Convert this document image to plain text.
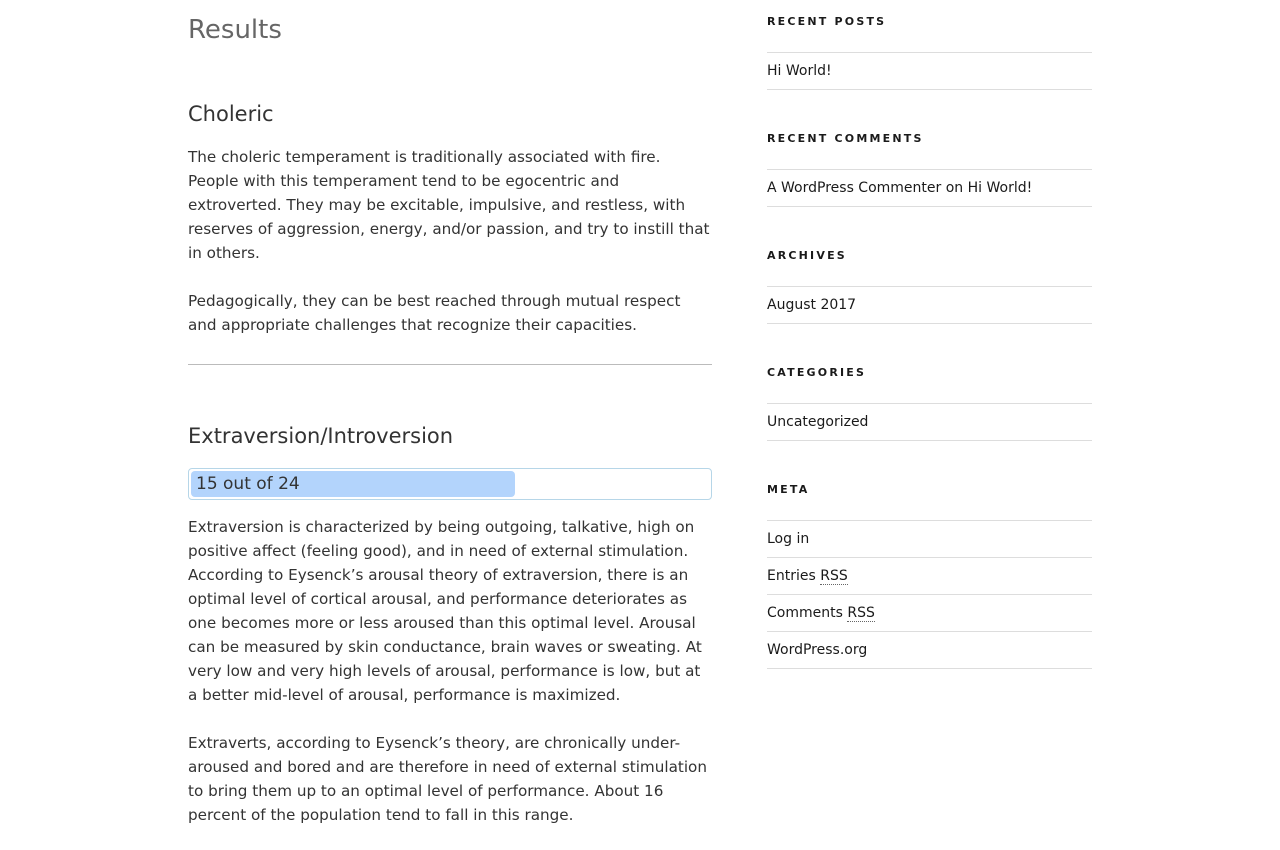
Results
Choleric

The choleric temperament is traditionally associated with fire. People with this temperament tend to be egocentric and extroverted. They may be excitable, impulsive, and restless, with reserves of aggression, energy, and/or passion, and try to instill that in others.

Pedagogically, they can be best reached through mutual respect and appropriate challenges that recognize their capacities.

Extraversion/Introversion
15 out of 24

Extraversion is characterized by being outgoing, talkative, high on positive affect (feeling good), and in need of external stimulation. According to Eysenck’s arousal theory of extraversion, there is an optimal level of cortical arousal, and performance deteriorates as one becomes more or less aroused than this optimal level. Arousal can be measured by skin conductance, brain waves or sweating. At very low and very high levels of arousal, performance is low, but at a better mid-level of arousal, performance is maximized.

Extraverts, according to Eysenck’s theory, are chronically under-aroused and bored and are therefore in need of external stimulation to bring them up to an optimal level of performance. About 16 percent of the population tend to fall in this range.

RECENT POSTS
Hi World!
RECENT COMMENTS
A WordPress Commenter on Hi World!
ARCHIVES
August 2017
CATEGORIES
Uncategorized
META
Log in
Entries RSS
Comments RSS
WordPress.org
